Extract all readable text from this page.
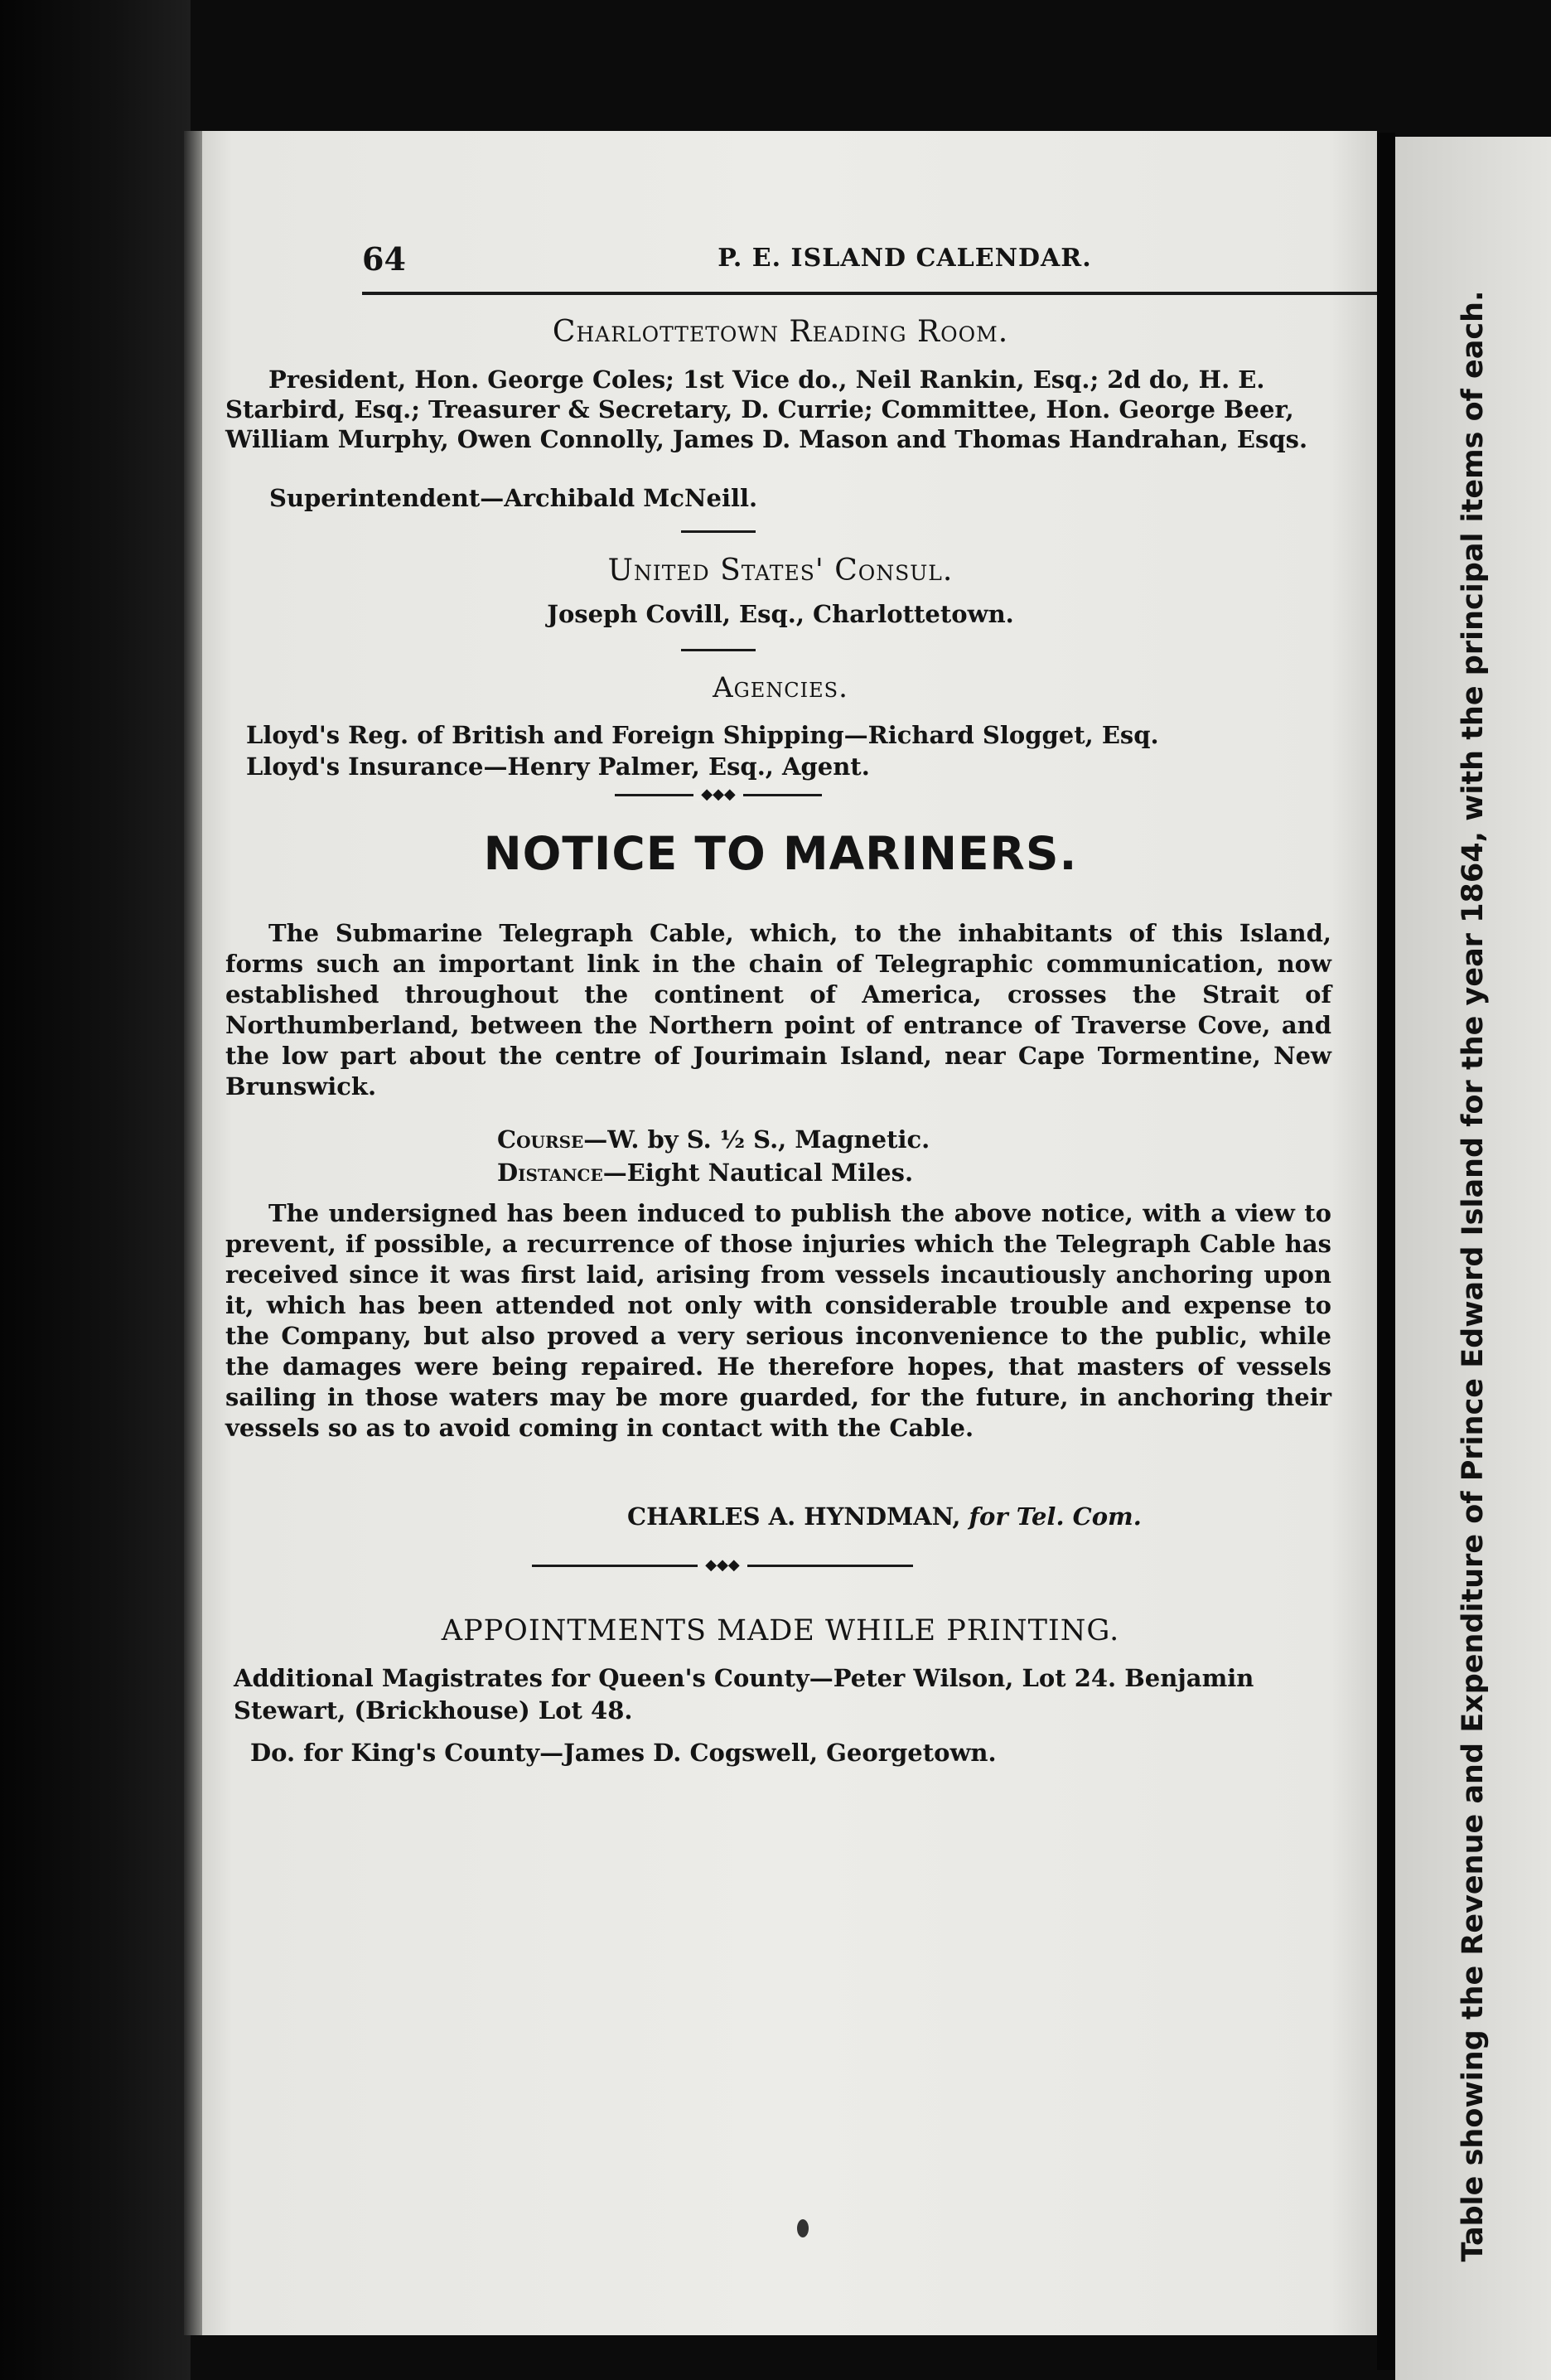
64	P. E. ISLAND CALENDAR.
Charlottetown Reading Room.
President, Hon. George Coles; 1st Vice do., Neil Rankin, Esq.; 2d do, H. E. Starbird, Esq.; Treasurer & Secretary, D. Currie; Committee, Hon. George Beer, William Murphy, Owen Connolly, James D. Mason and Thomas Handrahan, Esqs.
Superintendent—Archibald McNeill.
United States' Consul.
Joseph Covill, Esq., Charlottetown.
Agencies.
Lloyd's Reg. of British and Foreign Shipping—Richard Slogget, Esq.
Lloyd's Insurance—Henry Palmer, Esq., Agent.
◆◆◆
NOTICE TO MARINERS.
The Submarine Telegraph Cable, which, to the inhabitants of this Island, forms such an important link in the chain of Telegraphic communication, now established throughout the continent of America, crosses the Strait of Northumberland, between the Northern point of entrance of Traverse Cove, and the low part about the centre of Jourimain Island, near Cape Tormentine, New Brunswick.
Course—W. by S. ½ S., Magnetic.
Distance—Eight Nautical Miles.
The undersigned has been induced to publish the above notice, with a view to prevent, if possible, a recurrence of those injuries which the Telegraph Cable has received since it was first laid, arising from vessels incautiously anchoring upon it, which has been attended not only with considerable trouble and expense to the Company, but also proved a very serious inconvenience to the public, while the damages were being repaired. He therefore hopes, that masters of vessels sailing in those waters may be more guarded, for the future, in anchoring their vessels so as to avoid coming in contact with the Cable.
CHARLES A. HYNDMAN, for Tel. Com.
◆◆◆
APPOINTMENTS MADE WHILE PRINTING.
Additional Magistrates for Queen's County—Peter Wilson, Lot 24. Benjamin Stewart, (Brickhouse) Lot 48.
Do. for King's County—James D. Cogswell, Georgetown.	Table showing the Revenue and Expenditure of Prince Edward Island for the year 1864, with the principal items of each.
